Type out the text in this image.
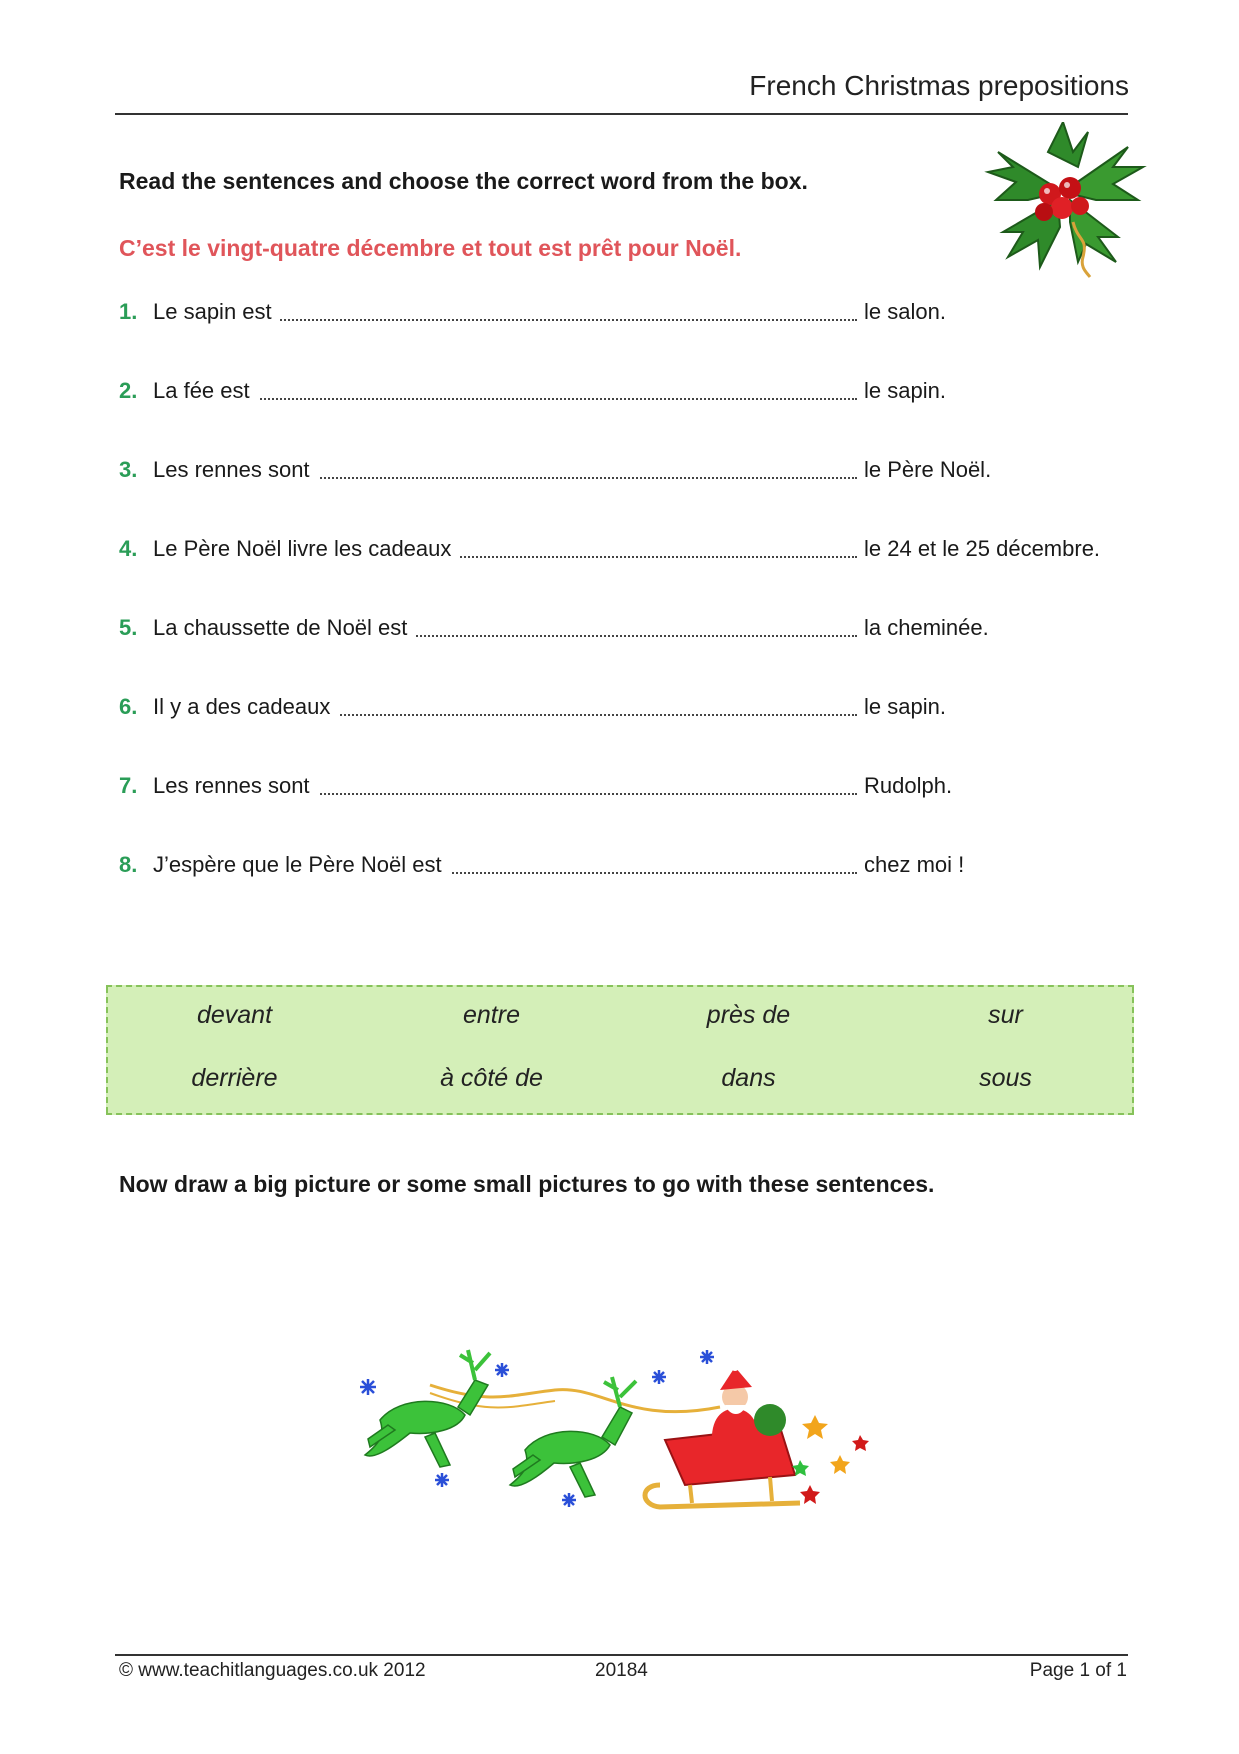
French Christmas prepositions
Read the sentences and choose the correct word from the box.
C’est le vingt-quatre décembre et tout est prêt pour Noël.
1. Le sapin est	le salon.
2. La fée est	le sapin.
3. Les rennes sont	le Père Noël.
4. Le Père Noël livre les cadeaux	le 24 et le 25 décembre.
5. La chaussette de Noël est	la cheminée.
6. Il y a des cadeaux	le sapin.
7. Les rennes sont	Rudolph.
8. J’espère que le Père Noël est	chez moi !
devant	entre	près de	sur
derrière	à côté de	dans	sous
Now draw a big picture or some small pictures to go with these sentences.
© www.teachitlanguages.co.uk 2012	20184	Page 1 of 1
